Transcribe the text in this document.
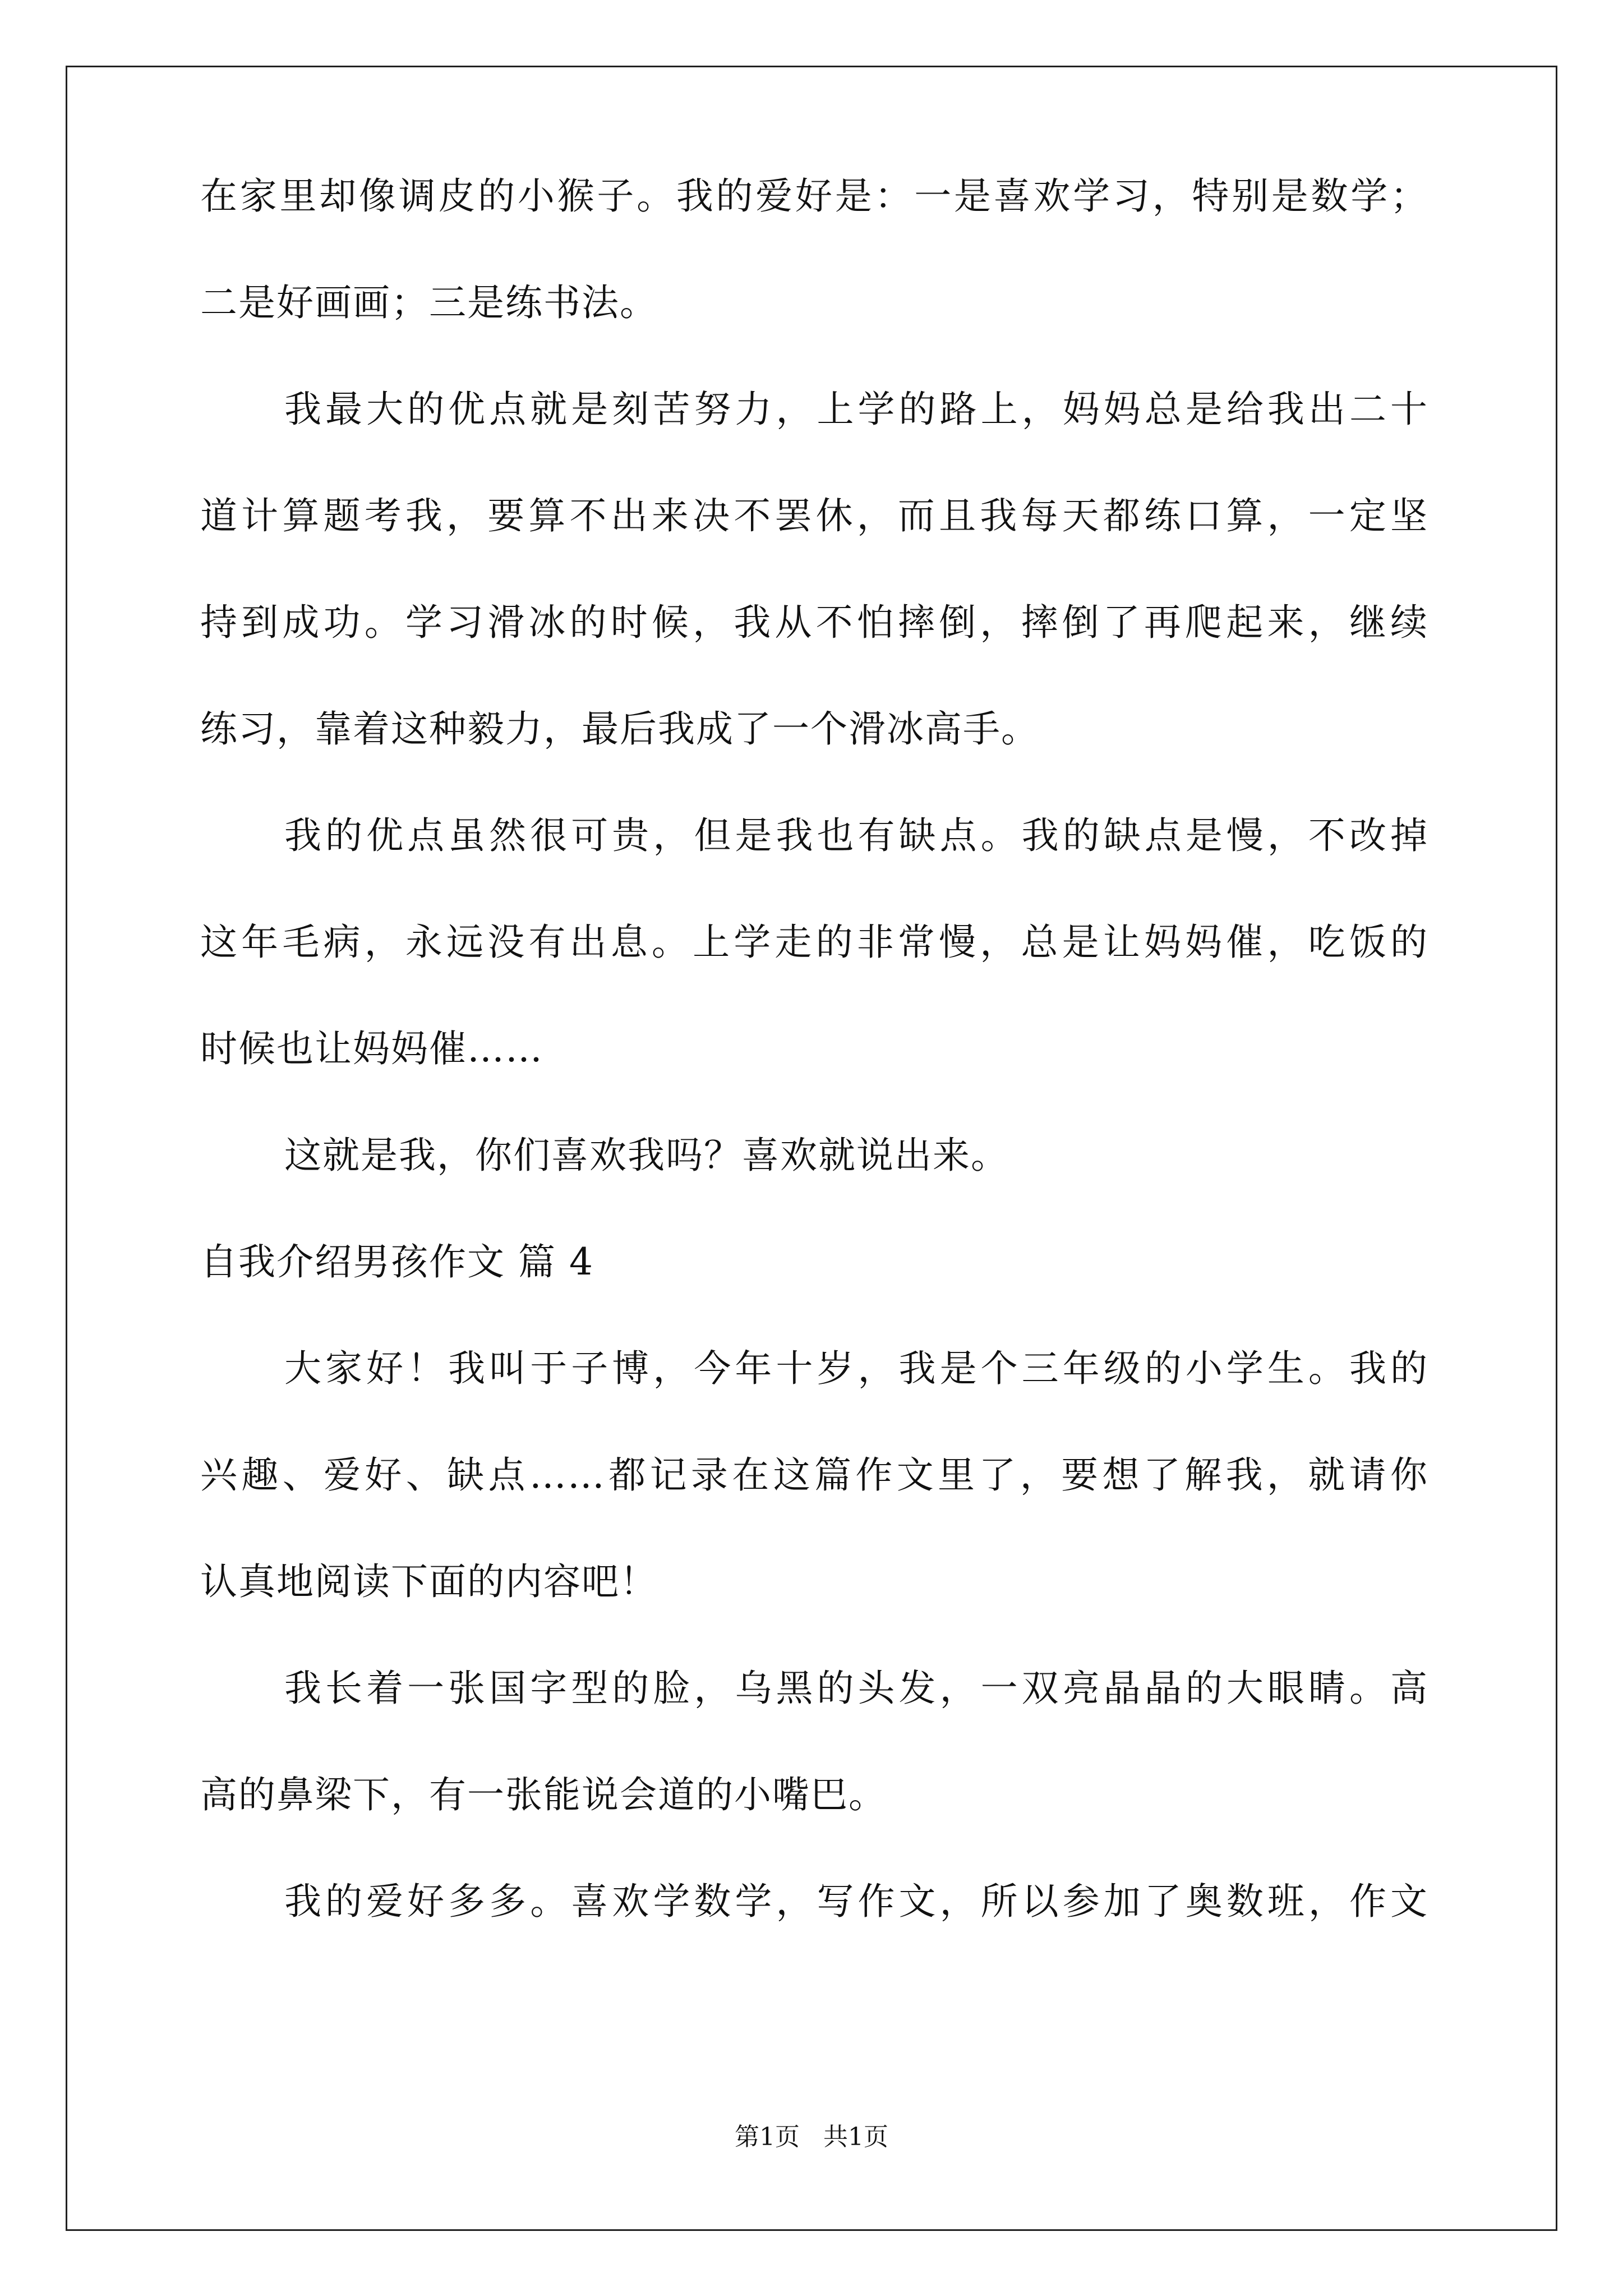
在家里却像调皮的小猴子。我的爱好是：一是喜欢学习，特别是数学；
二是好画画；三是练书法。
我最大的优点就是刻苦努力，上学的路上，妈妈总是给我出二十
道计算题考我，要算不出来决不罢休，而且我每天都练口算，一定坚
持到成功。学习滑冰的时候，我从不怕摔倒，摔倒了再爬起来，继续
练习，靠着这种毅力，最后我成了一个滑冰高手。
我的优点虽然很可贵，但是我也有缺点。我的缺点是慢，不改掉
这年毛病，永远没有出息。上学走的非常慢，总是让妈妈催，吃饭的
时候也让妈妈催……
这就是我，你们喜欢我吗？喜欢就说出来。
自我介绍男孩作文 篇 4
大家好！我叫于子博，今年十岁，我是个三年级的小学生。我的
兴趣、爱好、缺点……都记录在这篇作文里了，要想了解我，就请你
认真地阅读下面的内容吧！
我长着一张国字型的脸，乌黑的头发，一双亮晶晶的大眼睛。高
高的鼻梁下，有一张能说会道的小嘴巴。
我的爱好多多。喜欢学数学，写作文，所以参加了奥数班，作文
第1页   共1页
